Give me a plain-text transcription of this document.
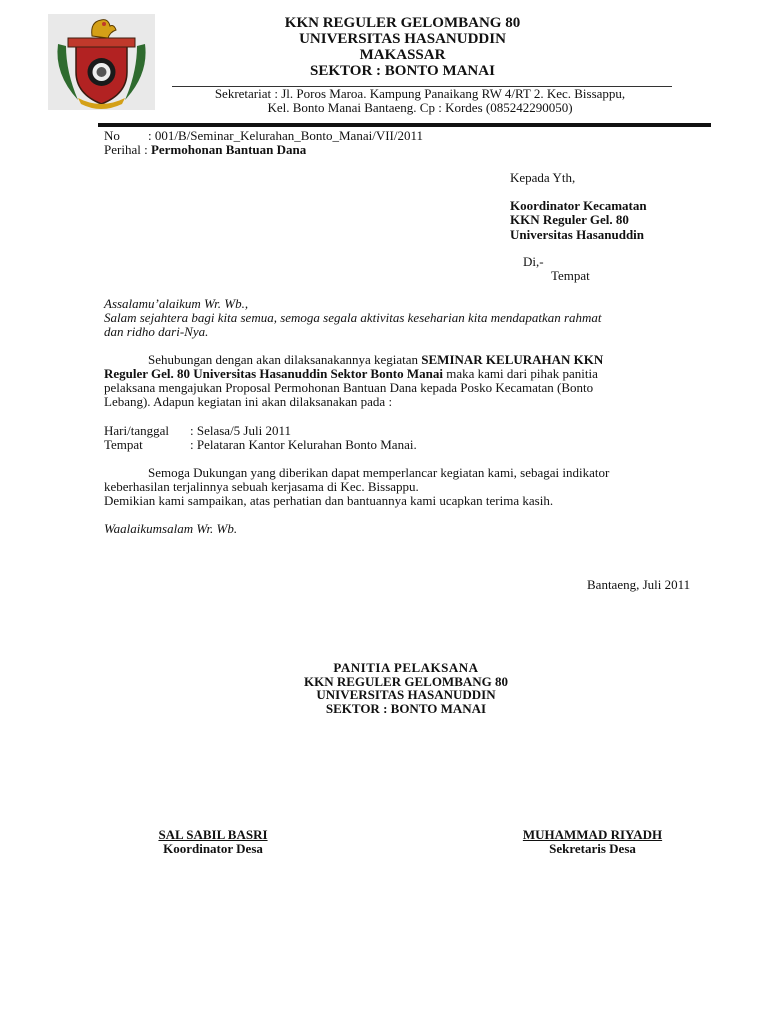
KKN REGULER GELOMBANG 80
UNIVERSITAS HASANUDDIN
MAKASSAR
SEKTOR : BONTO MANAI
Sekretariat : Jl. Poros Maroa. Kampung Panaikang RW 4/RT 2. Kec. Bissappu,
Kel. Bonto Manai Bantaeng. Cp : Kordes (085242290050)
No : 001/B/Seminar_Kelurahan_Bonto_Manai/VII/2011
Perihal : Permohonan Bantuan Dana
Kepada Yth,
Koordinator Kecamatan
KKN Reguler Gel. 80
Universitas Hasanuddin
Di,-
Tempat
Assalamu’alaikum Wr. Wb.,
Salam sejahtera bagi kita semua, semoga segala aktivitas keseharian kita mendapatkan rahmat
dan ridho dari-Nya.
Sehubungan dengan akan dilaksanakannya kegiatan SEMINAR KELURAHAN KKN
Reguler Gel. 80 Universitas Hasanuddin Sektor Bonto Manai maka kami dari pihak panitia
pelaksana mengajukan Proposal Permohonan Bantuan Dana kepada Posko Kecamatan (Bonto
Lebang). Adapun kegiatan ini akan dilaksanakan pada :
Hari/tanggal : Selasa/5 Juli 2011
Tempat	: Pelataran Kantor Kelurahan Bonto Manai.
Semoga Dukungan yang diberikan dapat memperlancar kegiatan kami, sebagai indikator
keberhasilan terjalinnya sebuah kerjasama di Kec. Bissappu.
Demikian kami sampaikan, atas perhatian dan bantuannya kami ucapkan terima kasih.
Waalaikumsalam Wr. Wb.
Bantaeng, Juli 2011
PANITIA PELAKSANA
KKN REGULER GELOMBANG 80
UNIVERSITAS HASANUDDIN
SEKTOR : BONTO MANAI
SAL SABIL BASRI
Koordinator Desa
MUHAMMAD RIYADH
Sekretaris Desa
